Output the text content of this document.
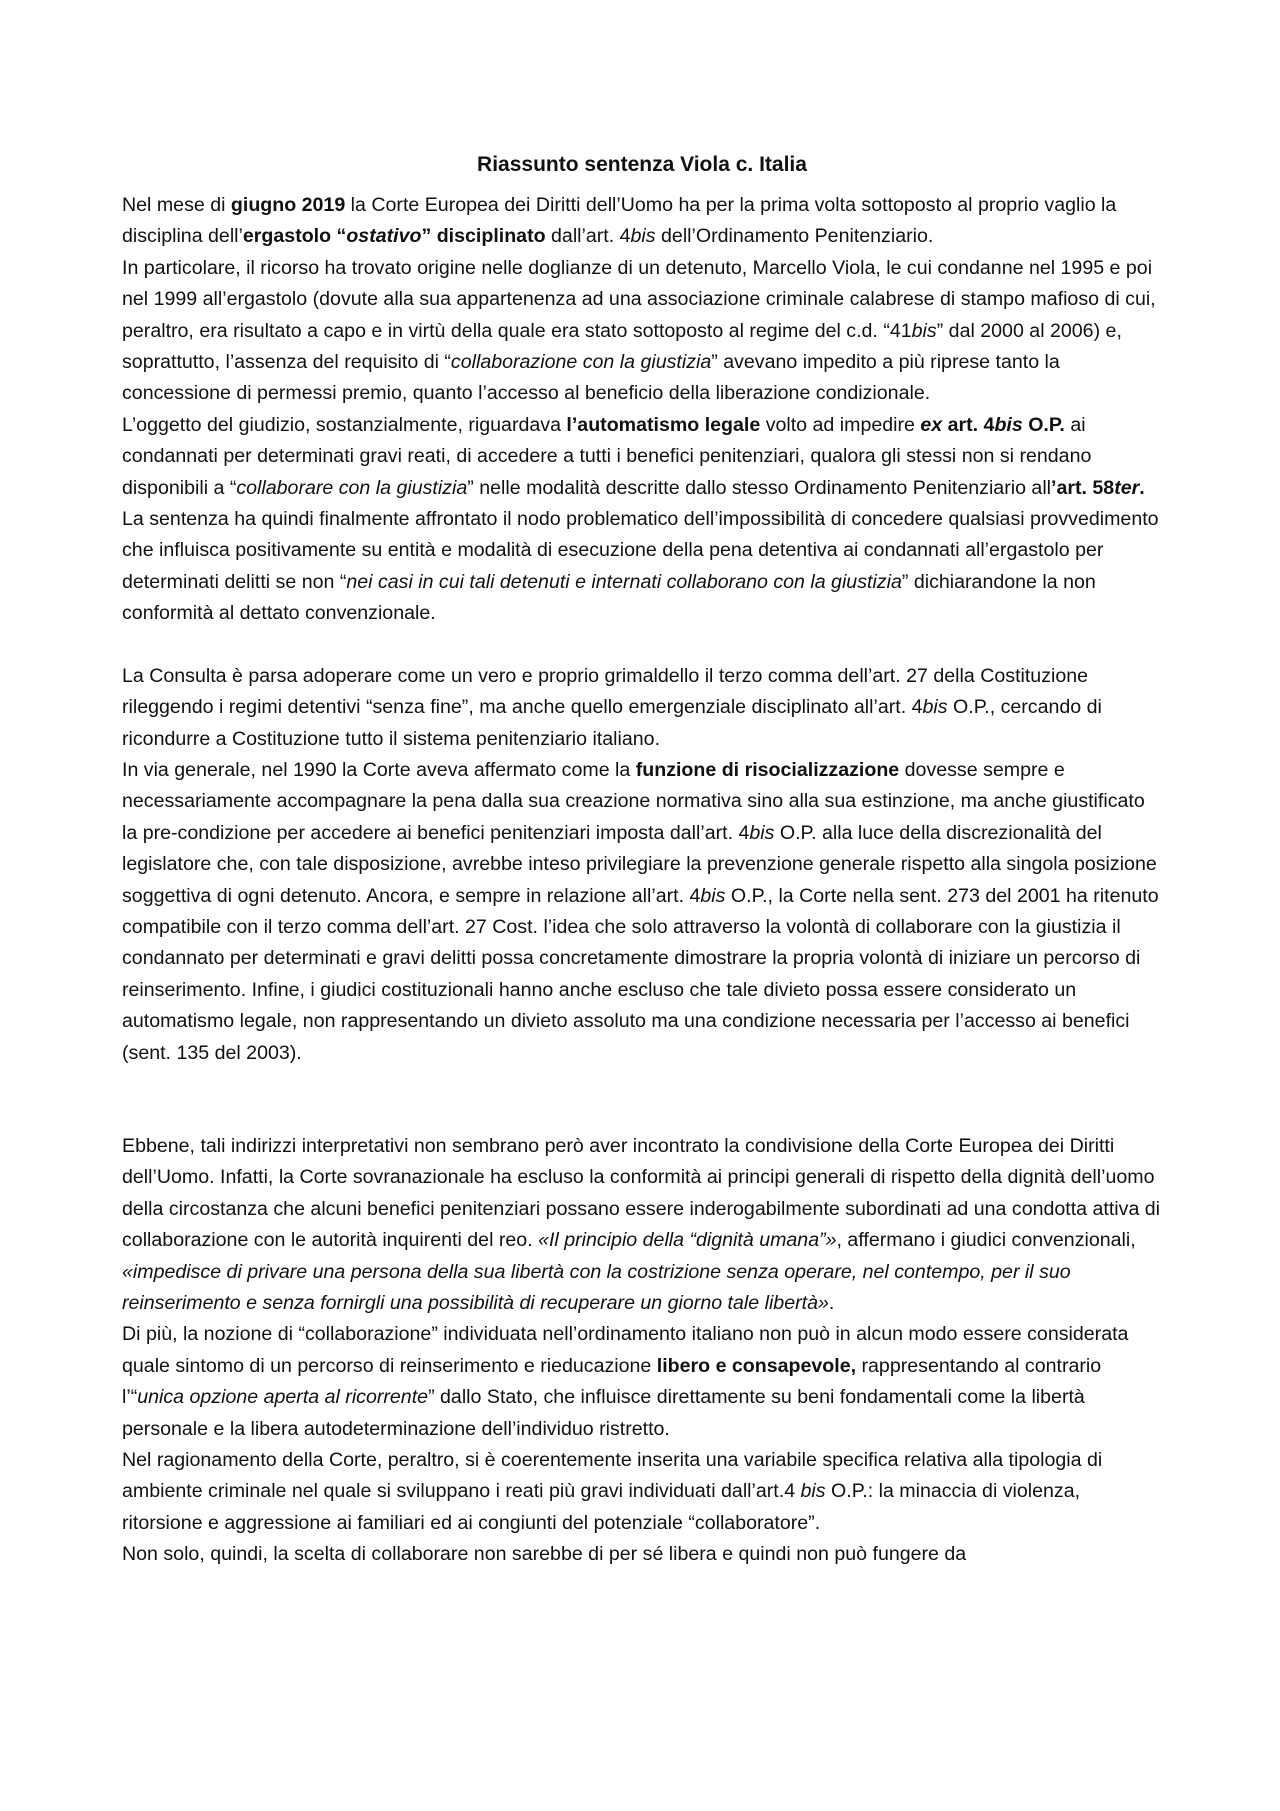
Riassunto sentenza Viola c. Italia

Nel mese di giugno 2019 la Corte Europea dei Diritti dell’Uomo ha per la prima volta sottoposto al proprio vaglio la disciplina dell’ergastolo “ostativo” disciplinato dall’art. 4bis dell’Ordinamento Penitenziario.

In particolare, il ricorso ha trovato origine nelle doglianze di un detenuto, Marcello Viola, le cui condanne nel 1995 e poi nel 1999 all’ergastolo (dovute alla sua appartenenza ad una associazione criminale calabrese di stampo mafioso di cui, peraltro, era risultato a capo e in virtù della quale era stato sottoposto al regime del c.d. “41bis” dal 2000 al 2006) e, soprattutto, l’assenza del requisito di “collaborazione con la giustizia” avevano impedito a più riprese tanto la concessione di permessi premio, quanto l’accesso al beneficio della liberazione condizionale.

L’oggetto del giudizio, sostanzialmente, riguardava l’automatismo legale volto ad impedire ex art. 4bis O.P. ai condannati per determinati gravi reati, di accedere a tutti i benefici penitenziari, qualora gli stessi non si rendano disponibili a “collaborare con la giustizia” nelle modalità descritte dallo stesso Ordinamento Penitenziario all’art. 58ter.

La sentenza ha quindi finalmente affrontato il nodo problematico dell’impossibilità di concedere qualsiasi provvedimento che influisca positivamente su entità e modalità di esecuzione della pena detentiva ai condannati all’ergastolo per determinati delitti se non “nei casi in cui tali detenuti e internati collaborano con la giustizia” dichiarandone la non conformità al dettato convenzionale.

La Consulta è parsa adoperare come un vero e proprio grimaldello il terzo comma dell’art. 27 della Costituzione rileggendo i regimi detentivi “senza fine”, ma anche quello emergenziale disciplinato all’art. 4bis O.P., cercando di ricondurre a Costituzione tutto il sistema penitenziario italiano.

In via generale, nel 1990 la Corte aveva affermato come la funzione di risocializzazione dovesse sempre e necessariamente accompagnare la pena dalla sua creazione normativa sino alla sua estinzione, ma anche giustificato la pre-condizione per accedere ai benefici penitenziari imposta dall’art. 4bis O.P. alla luce della discrezionalità del legislatore che, con tale disposizione, avrebbe inteso privilegiare la prevenzione generale rispetto alla singola posizione soggettiva di ogni detenuto. Ancora, e sempre in relazione all’art. 4bis O.P., la Corte nella sent. 273 del 2001 ha ritenuto compatibile con il terzo comma dell’art. 27 Cost. l’idea che solo attraverso la volontà di collaborare con la giustizia il condannato per determinati e gravi delitti possa concretamente dimostrare la propria volontà di iniziare un percorso di reinserimento. Infine, i giudici costituzionali hanno anche escluso che tale divieto possa essere considerato un automatismo legale, non rappresentando un divieto assoluto ma una condizione necessaria per l’accesso ai benefici (sent. 135 del 2003).

Ebbene, tali indirizzi interpretativi non sembrano però aver incontrato la condivisione della Corte Europea dei Diritti dell’Uomo. Infatti, la Corte sovranazionale ha escluso la conformità ai principi generali di rispetto della dignità dell’uomo della circostanza che alcuni benefici penitenziari possano essere inderogabilmente subordinati ad una condotta attiva di collaborazione con le autorità inquirenti del reo. «Il principio della “dignità umana”», affermano i giudici convenzionali, «impedisce di privare una persona della sua libertà con la costrizione senza operare, nel contempo, per il suo reinserimento e senza fornirgli una possibilità di recuperare un giorno tale libertà».

Di più, la nozione di “collaborazione” individuata nell’ordinamento italiano non può in alcun modo essere considerata quale sintomo di un percorso di reinserimento e rieducazione libero e consapevole, rappresentando al contrario l’“unica opzione aperta al ricorrente” dallo Stato, che influisce direttamente su beni fondamentali come la libertà personale e la libera autodeterminazione dell’individuo ristretto.

Nel ragionamento della Corte, peraltro, si è coerentemente inserita una variabile specifica relativa alla tipologia di ambiente criminale nel quale si sviluppano i reati più gravi individuati dall’art.4 bis O.P.: la minaccia di violenza, ritorsione e aggressione ai familiari ed ai congiunti del potenziale “collaboratore”.

Non solo, quindi, la scelta di collaborare non sarebbe di per sé libera e quindi non può fungere da
